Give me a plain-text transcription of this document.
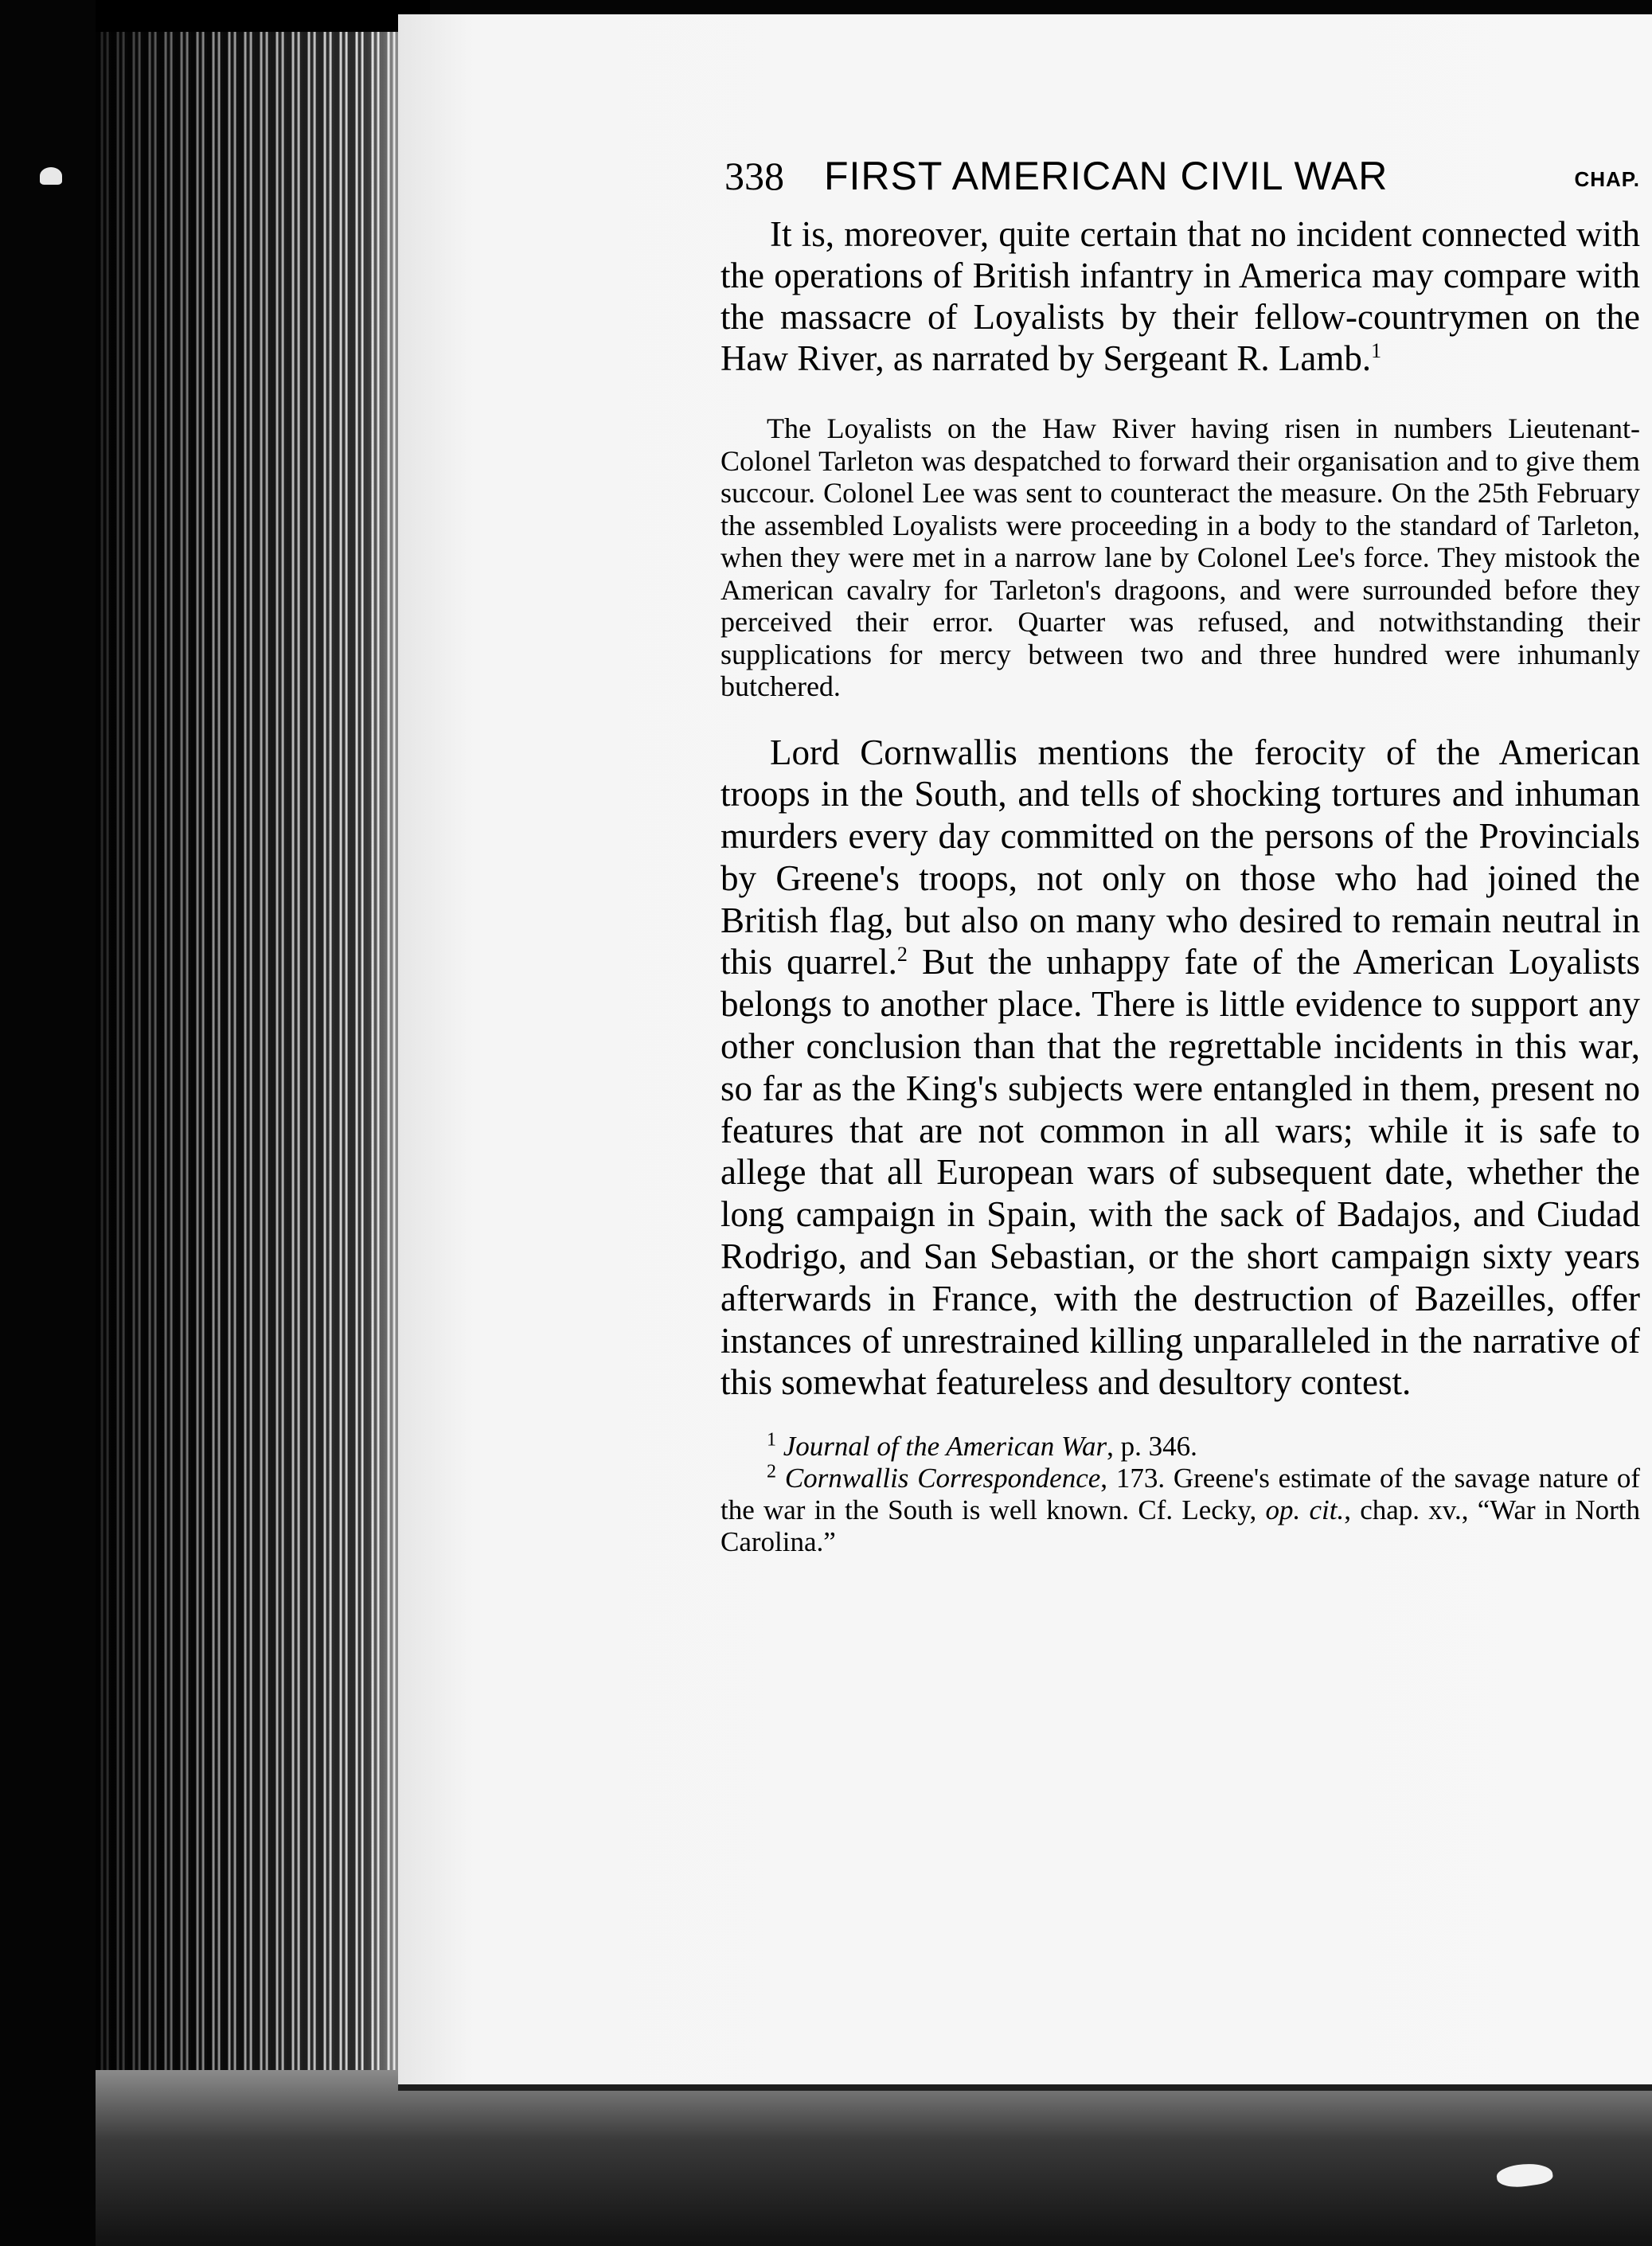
338 FIRST AMERICAN CIVIL WAR	CHAP.

It is, moreover, quite certain that no incident connected with the operations of British infantry in America may compare with the massacre of Loyalists by their fellow-countrymen on the Haw River, as narrated by Sergeant R. Lamb.$^1$

The Loyalists on the Haw River having risen in numbers Lieutenant-Colonel Tarleton was despatched to forward their organisation and to give them succour. Colonel Lee was sent to counteract the measure. On the 25th February the assembled Loyalists were proceeding in a body to the standard of Tarleton, when they were met in a narrow lane by Colonel Lee's force. They mistook the American cavalry for Tarleton's dragoons, and were surrounded before they perceived their error. Quarter was refused, and notwithstanding their supplications for mercy between two and three hundred were inhumanly butchered.

Lord Cornwallis mentions the ferocity of the American troops in the South, and tells of shocking tortures and inhuman murders every day committed on the persons of the Provincials by Greene's troops, not only on those who had joined the British flag, but also on many who desired to remain neutral in this quarrel.$^2$ But the unhappy fate of the American Loyalists belongs to another place. There is little evidence to support any other conclusion than that the regrettable incidents in this war, so far as the King's subjects were entangled in them, present no features that are not common in all wars; while it is safe to allege that all European wars of subsequent date, whether the long campaign in Spain, with the sack of Badajos, and Ciudad Rodrigo, and San Sebastian, or the short campaign sixty years afterwards in France, with the destruction of Bazeilles, offer instances of unrestrained killing unparalleled in the narrative of this somewhat featureless and desultory contest.

$^1$ Journal of the American War, p. 346.

$^2$ Cornwallis Correspondence, 173. Greene's estimate of the savage nature of the war in the South is well known. Cf. Lecky, op. cit., chap. xv., “War in North Carolina.”
